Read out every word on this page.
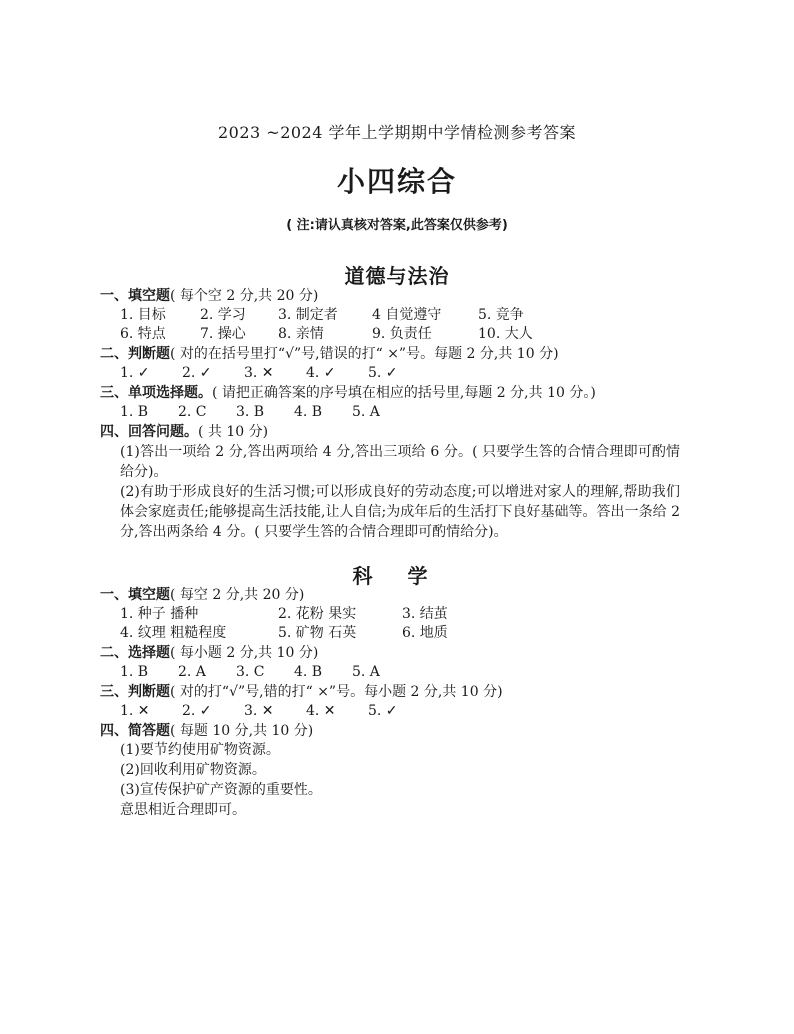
2023 ~2024 学年上学期期中学情检测参考答案
小四综合
( 注:请认真核对答案,此答案仅供参考)
道德与法治
一、填空题( 每个空 2 分,共 20 分)
1. 目标 2. 学习 3. 制定者 4 自觉遵守	5. 竞争
6. 特点 7. 操心 8. 亲情	9. 负责任	10. 大人
二、判断题( 对的在括号里打“√”号,错误的打“ ×”号。每题 2 分,共 10 分)
1. ✓ 2. ✓ 3. ✕ 4. ✓ 5. ✓
三、单项选择题。( 请把正确答案的序号填在相应的括号里,每题 2 分,共 10 分。)
1. B 2. C 3. B 4. B 5. A
四、回答问题。( 共 10 分)
(1)答出一项给 2 分,答出两项给 4 分,答出三项给 6 分。( 只要学生答的合情合理即可酌情给分)。
(2)有助于形成良好的生活习惯;可以形成良好的劳动态度;可以增进对家人的理解,帮助我们体会家庭责任;能够提高生活技能,让人自信;为成年后的生活打下良好基础等。答出一条给 2 分,答出两条给 4 分。( 只要学生答的合情合理即可酌情给分)。
科 学
一、填空题( 每空 2 分,共 20 分)
1. 种子 播种	2. 花粉 果实	3. 结茧
4. 纹理 粗糙程度	5. 矿物 石英	6. 地质
二、选择题( 每小题 2 分,共 10 分)
1. B 2. A 3. C 4. B 5. A
三、判断题( 对的打“√”号,错的打“ ×”号。每小题 2 分,共 10 分)
1. ✕ 2. ✓ 3. ✕ 4. ✕ 5. ✓
四、简答题( 每题 10 分,共 10 分)
(1)要节约使用矿物资源。
(2)回收利用矿物资源。
(3)宣传保护矿产资源的重要性。
意思相近合理即可。
